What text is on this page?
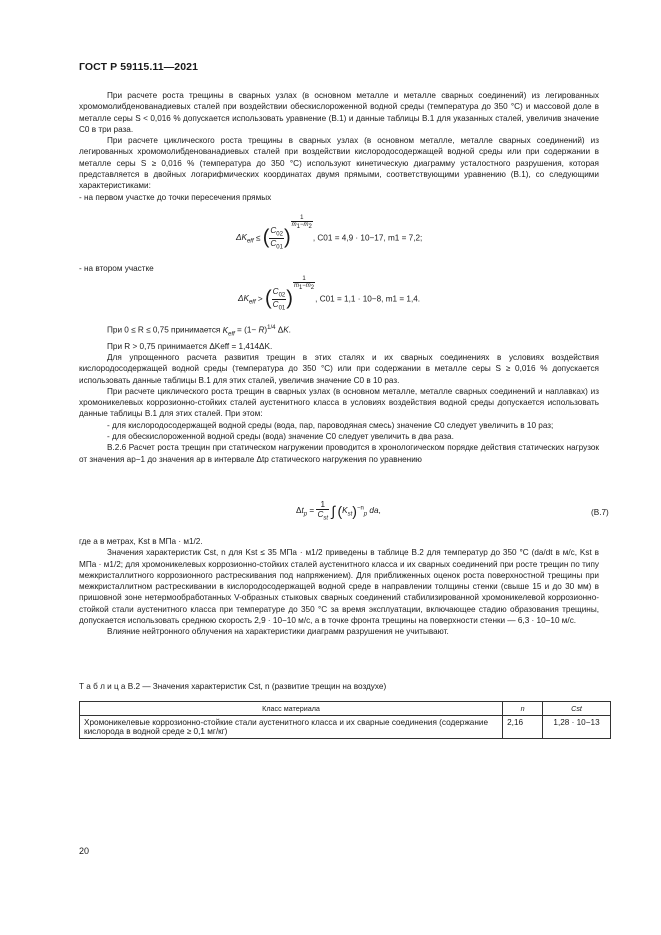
ГОСТ Р 59115.11—2021

При расчете роста трещины в сварных узлах (в основном металле и металле сварных соединений) из легированных хромомолибденованадиевых сталей при воздействии обескислороженной водной среды (температура до 350 °С) и массовой доле в металле серы S < 0,016 % допускается использовать уравнение (В.1) и данные таблицы В.1 для указанных сталей, увеличив значение C0 в три раза.

При расчете циклического роста трещины в сварных узлах (в основном металле, металле сварных соединений) из легированных хромомолибденованадиевых сталей при воздействии кислородосодержащей водной среды или при содержании в металле серы S ≥ 0,016 % (температура до 350 °С) используют кинетическую диаграмму усталостного разрушения, которая представляется в двойных логарифмических координатах двумя прямыми, соответствующими уравнению (В.1), со следующими характеристиками:

- на первом участке до точки пересечения прямых

$\Delta K_{eff}$ ≤ ( $\frac{C_{02}}{C_{01}}$ )
$^{\frac{1}{m_1-m_2}}$
, C01 = 4,9 · 10−17, m1 = 7,2;

- на втором участке

$\Delta K_{eff}$ > ( $\frac{C_{02}}{C_{01}}$ )
$^{\frac{1}{m_1-m_2}}$
, C01 = 1,1 · 10−8, m1 = 1,4.

При 0 ≤ R ≤ 0,75 принимается $K_{eff} = (1- R)^{1/4}$ ΔK.

При R > 0,75 принимается ΔKeff = 1,414ΔK.

Для упрощенного расчета развития трещин в этих сталях и их сварных соединениях в условиях воздействия кислородосодержащей водной среды (температура до 350 °С) или при содержании в металле серы S ≥ 0,016 % допускается использовать данные таблицы В.1 для этих сталей, увеличив значение C0 в 10 раз.

При расчете циклического роста трещин в сварных узлах (в основном металле, металле сварных соединений и наплавках) из хромоникелевых коррозионно-стойких сталей аустенитного класса в условиях воздействия водной среды допускается использовать данные таблицы В.1 для этих сталей. При этом:

- для кислородосодержащей водной среды (вода, пар, пароводяная смесь) значение C0 следует увеличить в 10 раз;

- для обескислороженной водной среды (вода) значение C0 следует увеличить в два раза.

В.2.6 Расчет роста трещин при статическом нагружении проводится в хронологическом порядке действия статических нагрузок от значения ap−1 до значения ap в интервале Δtp статического нагружения по уравнению

$\Delta t_p = \frac{1}{C_{st}}$ ∫ $(K_{st})^{-n}_p$ da,	(В.7)

где a в метрах, Kst в МПа · м1/2.

Значения характеристик Cst, n для Kst ≤ 35 МПа · м1/2 приведены в таблице В.2 для температур до 350 °С (da/dt в м/с, Kst в МПа · м1/2; для хромоникелевых коррозионно-стойких сталей аустенитного класса и их сварных соединений при росте трещин по типу межкристаллитного коррозионного растрескивания под напряжением). Для приближенных оценок роста поверхностной трещины при межкристаллитном растрескивании в кислородосодержащей водной среде в направлении толщины стенки (свыше 15 и до 30 мм) в пришовной зоне нетермообработанных V-образных стыковых сварных соединений стабилизированной хромоникелевой коррозионно-стойкой стали аустенитного класса при температуре до 350 °С за время эксплуатации, включающее стадию образования трещины, допускается использовать среднюю скорость 2,9 · 10−10 м/с, а в точке фронта трещины на поверхности стенки — 6,3 · 10−10 м/с.

Влияние нейтронного облучения на характеристики диаграмм разрушения не учитывают.

Т а б л и ц а В.2 — Значения характеристик Cst, n (развитие трещин на воздухе)
Класс материала	n	Cst
Хромоникелевые коррозионно-стойкие стали аустенитного класса и их сварные соединения (содержание кислорода в водной среде ≥ 0,1 мг/кг)	2,16	1,28 · 10−13
20
